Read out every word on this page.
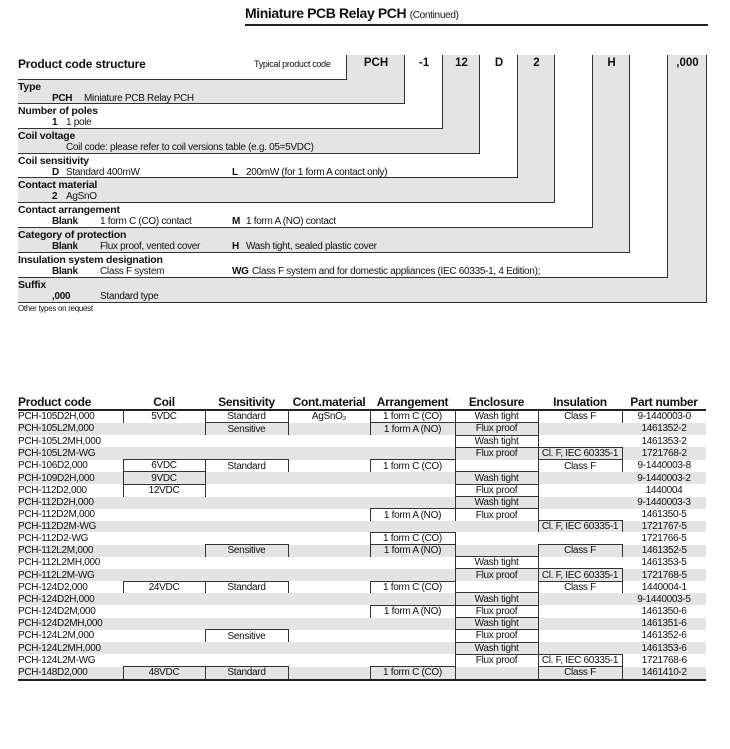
Miniature PCB Relay PCH (Continued)
Product code structure	Typical product code	PCH	-1	12	D	2	H	,000
Type
PCH Miniature PCB Relay PCH
Number of poles
1 1 pole
Coil voltage
Coil code: please refer to coil versions table (e.g. 05=5VDC)
Coil sensitivity
D Standard 400mW	L 200mW (for 1 form A contact only)
Contact material
2 AgSnO
Contact arrangement
Blank 1 form C (CO) contact	M 1 form A (NO) contact
Category of protection
Blank Flux proof, vented cover	H Wash tight, sealed plastic cover
Insulation system designation
Blank Class F system	WG Class F system and for domestic appliances (IEC 60335-1, 4 Edition);
Suffix
,000	Standard type
Other types on request
Product code	Coil	Sensitivity	Cont.material	Arrangement	Enclosure	Insulation	Part number
PCH-105D2H,000	5VDC	Standard	AgSnO₂	1 form C (CO)	Wash tight	Class F	9-1440003-0
PCH-105L2M,000		Sensitive		1 form A (NO)	Flux proof		1461352-2
PCH-105L2MH,000					Wash tight		1461353-2
PCH-105L2M-WG					Flux proof	Cl. F, IEC 60335-1	1721768-2
PCH-106D2,000	6VDC	Standard		1 form C (CO)		Class F	9-1440003-8
PCH-109D2H,000	9VDC				Wash tight		9-1440003-2
PCH-112D2,000	12VDC				Flux proof		1440004
PCH-112D2H,000					Wash tight		9-1440003-3
PCH-112D2M,000				1 form A (NO)	Flux proof		1461350-5
PCH-112D2M-WG						Cl. F, IEC 60335-1	1721767-5
PCH-112D2-WG				1 form C (CO)			1721766-5
PCH-112L2M,000		Sensitive		1 form A (NO)		Class F	1461352-5
PCH-112L2MH,000					Wash tight		1461353-5
PCH-112L2M-WG					Flux proof	Cl. F, IEC 60335-1	1721768-5
PCH-124D2,000	24VDC	Standard		1 form C (CO)		Class F	1440004-1
PCH-124D2H,000					Wash tight		9-1440003-5
PCH-124D2M,000				1 form A (NO)	Flux proof		1461350-6
PCH-124D2MH,000					Wash tight		1461351-6
PCH-124L2M,000		Sensitive			Flux proof		1461352-6
PCH-124L2MH,000					Wash tight		1461353-6
PCH-124L2M-WG					Flux proof	Cl. F, IEC 60335-1	1721768-6
PCH-148D2,000	48VDC	Standard		1 form C (CO)		Class F	1461410-2
